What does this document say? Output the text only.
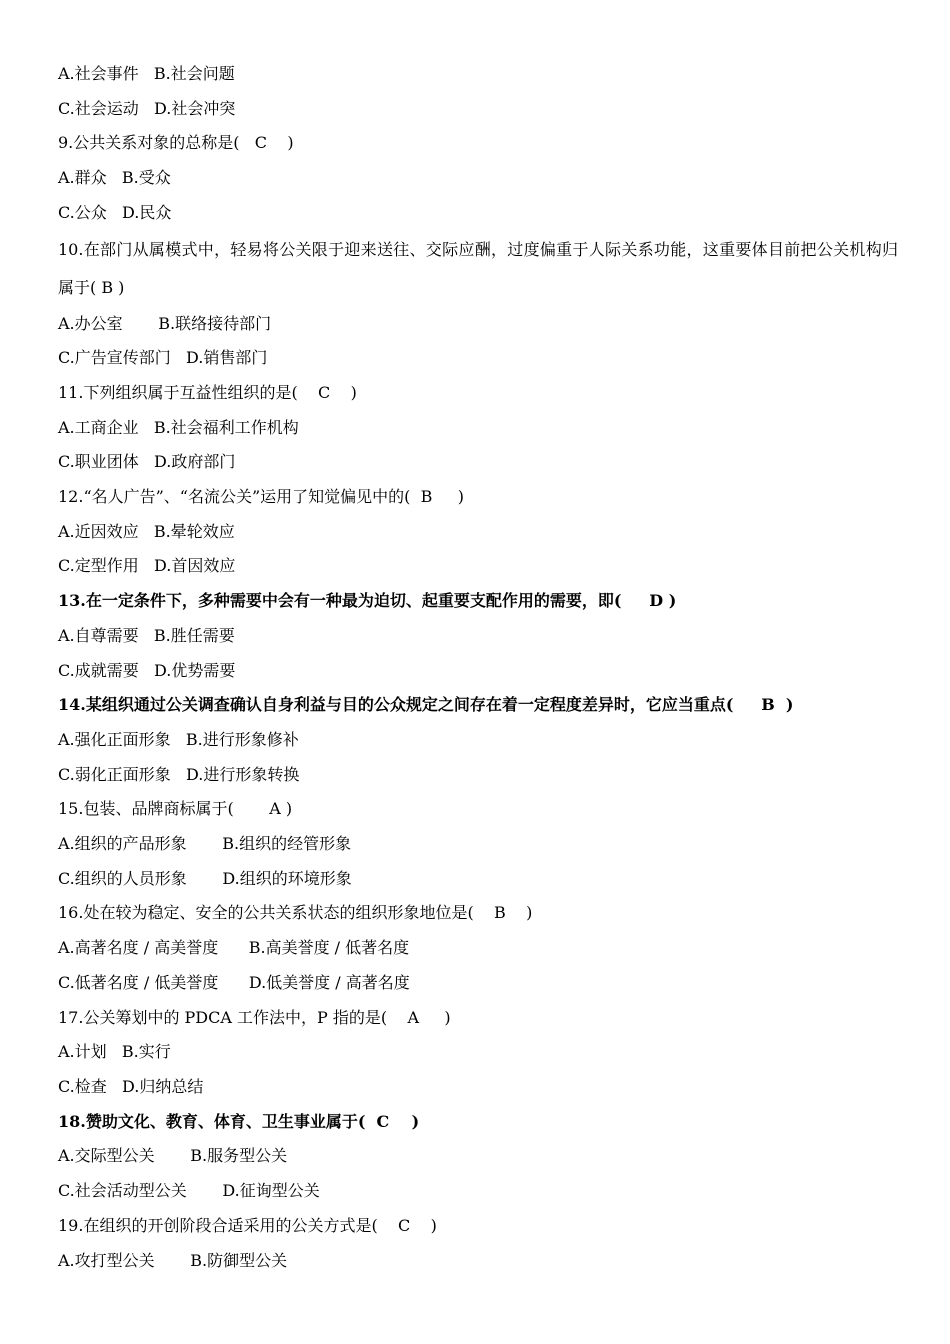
A.社会事件   B.社会问题
C.社会运动   D.社会冲突
9.公共关系对象的总称是(   C    )
A.群众   B.受众
C.公众   D.民众
10.在部门从属模式中，轻易将公关限于迎来送往、交际应酬，过度偏重于人际关系功能，这重要体目前把公关机构归属于( B )
A.办公室       B.联络接待部门
C.广告宣传部门   D.销售部门
11.下列组织属于互益性组织的是(    C    )
A.工商企业   B.社会福利工作机构
C.职业团体   D.政府部门
12.“名人广告”、“名流公关”运用了知觉偏见中的(  B     )
A.近因效应   B.晕轮效应
C.定型作用   D.首因效应
13.在一定条件下，多种需要中会有一种最为迫切、起重要支配作用的需要，即(     D )
A.自尊需要   B.胜任需要
C.成就需要   D.优势需要
14.某组织通过公关调查确认自身利益与目的公众规定之间存在着一定程度差异时，它应当重点(     B  )
A.强化正面形象   B.进行形象修补
C.弱化正面形象   D.进行形象转换
15.包装、品牌商标属于(       A )
A.组织的产品形象       B.组织的经管形象
C.组织的人员形象       D.组织的环境形象
16.处在较为稳定、安全的公共关系状态的组织形象地位是(    B    )
A.高著名度 / 高美誉度      B.高美誉度 / 低著名度
C.低著名度 / 低美誉度      D.低美誉度 / 高著名度
17.公关筹划中的 PDCA 工作法中，P 指的是(    A     )
A.计划   B.实行
C.检查   D.归纳总结
18.赞助文化、教育、体育、卫生事业属于(  C    )
A.交际型公关       B.服务型公关
C.社会活动型公关       D.征询型公关
19.在组织的开创阶段合适采用的公关方式是(    C    )
A.攻打型公关       B.防御型公关
